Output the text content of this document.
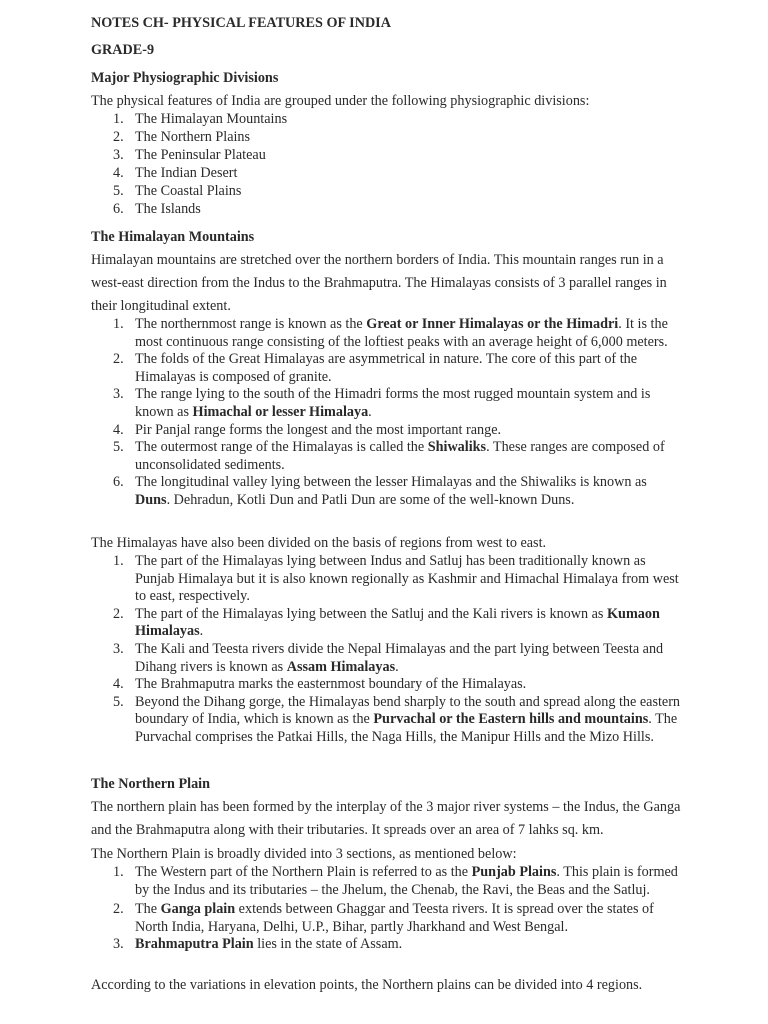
NOTES CH- PHYSICAL FEATURES OF INDIA
GRADE-9
Major Physiographic Divisions
The physical features of India are grouped under the following physiographic divisions:
1. The Himalayan Mountains
2. The Northern Plains
3. The Peninsular Plateau
4. The Indian Desert
5. The Coastal Plains
6. The Islands
The Himalayan Mountains
Himalayan mountains are stretched over the northern borders of India. This mountain ranges run in a west-east direction from the Indus to the Brahmaputra. The Himalayas consists of 3 parallel ranges in their longitudinal extent.
1. The northernmost range is known as the Great or Inner Himalayas or the Himadri. It is the most continuous range consisting of the loftiest peaks with an average height of 6,000 meters.
2. The folds of the Great Himalayas are asymmetrical in nature. The core of this part of the Himalayas is composed of granite.
3. The range lying to the south of the Himadri forms the most rugged mountain system and is known as Himachal or lesser Himalaya.
4. Pir Panjal range forms the longest and the most important range.
5. The outermost range of the Himalayas is called the Shiwaliks. These ranges are composed of unconsolidated sediments.
6. The longitudinal valley lying between the lesser Himalayas and the Shiwaliks is known as Duns. Dehradun, Kotli Dun and Patli Dun are some of the well-known Duns.
The Himalayas have also been divided on the basis of regions from west to east.
1. The part of the Himalayas lying between Indus and Satluj has been traditionally known as Punjab Himalaya but it is also known regionally as Kashmir and Himachal Himalaya from west to east, respectively.
2. The part of the Himalayas lying between the Satluj and the Kali rivers is known as Kumaon Himalayas.
3. The Kali and Teesta rivers divide the Nepal Himalayas and the part lying between Teesta and Dihang rivers is known as Assam Himalayas.
4. The Brahmaputra marks the easternmost boundary of the Himalayas.
5. Beyond the Dihang gorge, the Himalayas bend sharply to the south and spread along the eastern boundary of India, which is known as the Purvachal or the Eastern hills and mountains. The Purvachal comprises the Patkai Hills, the Naga Hills, the Manipur Hills and the Mizo Hills.
The Northern Plain
The northern plain has been formed by the interplay of the 3 major river systems – the Indus, the Ganga and the Brahmaputra along with their tributaries. It spreads over an area of 7 lahks sq. km.
The Northern Plain is broadly divided into 3 sections, as mentioned below:
1. The Western part of the Northern Plain is referred to as the Punjab Plains. This plain is formed by the Indus and its tributaries – the Jhelum, the Chenab, the Ravi, the Beas and the Satluj.
2. The Ganga plain extends between Ghaggar and Teesta rivers. It is spread over the states of North India, Haryana, Delhi, U.P., Bihar, partly Jharkhand and West Bengal.
3. Brahmaputra Plain lies in the state of Assam.
According to the variations in elevation points, the Northern plains can be divided into 4 regions.
